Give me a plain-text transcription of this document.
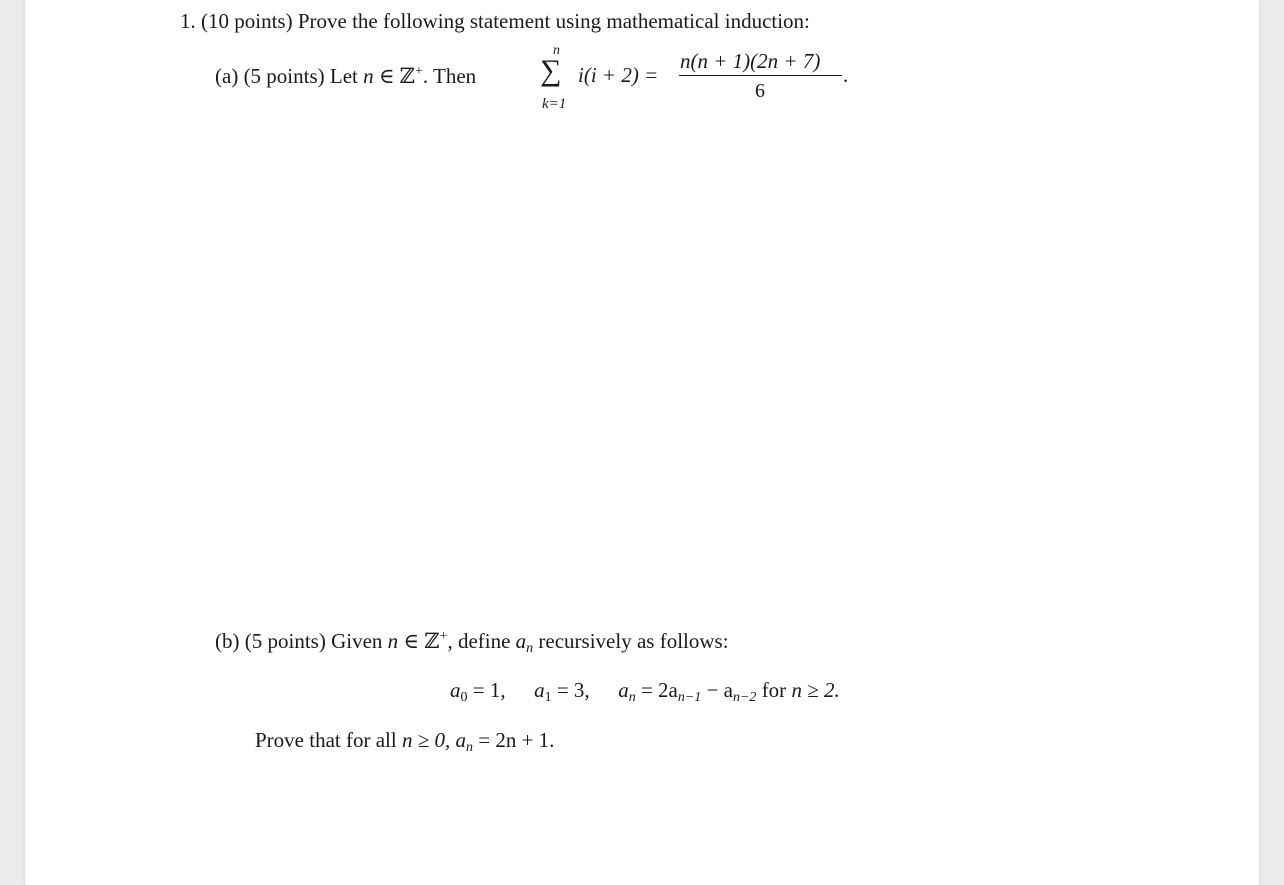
1. (10 points) Prove the following statement using mathematical induction:
(a) (5 points) Let n ∈ ℤ+. Then
n
∑
k=1
i(i + 2) =
n(n + 1)(2n + 7)
6
.
(b) (5 points) Given n ∈ ℤ+, define $a_n$ recursively as follows:
$a_0 = 1$, $a_1 = 3$, $a_n = 2a_{n-1} - a_{n-2}$ for n ≥ 2.
Prove that for all n ≥ 0, $a_n = 2n + 1$.
